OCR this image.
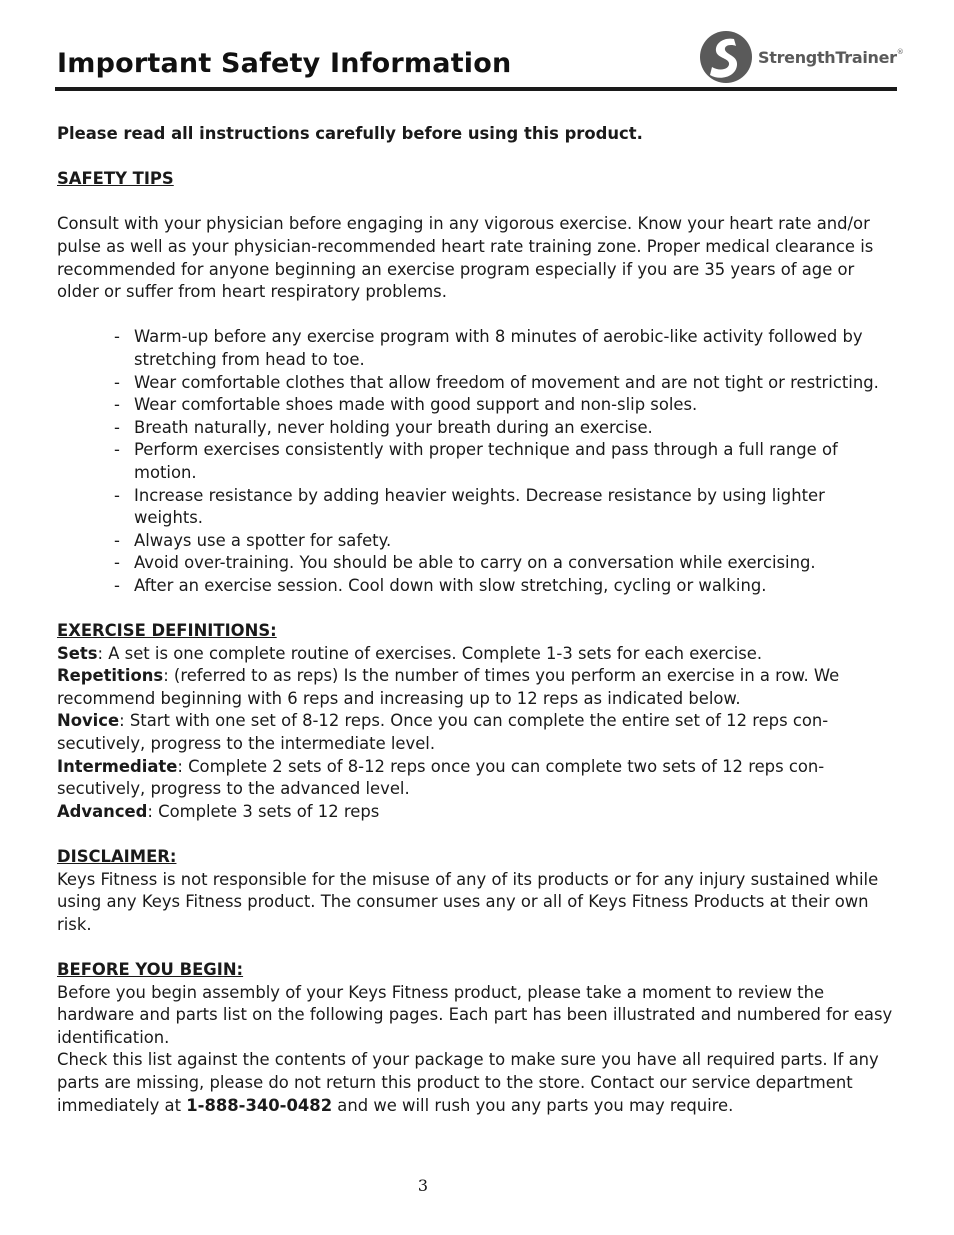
Important Safety Information	StrengthTrainer®

Please read all instructions carefully before using this product.

SAFETY TIPS

Consult with your physician before engaging in any vigorous exercise. Know your heart rate and/or pulse as well as your physician-recommended heart rate training zone. Proper medical clearance is recommended for anyone beginning an exercise program especially if you are 35 years of age or older or suffer from heart respiratory problems.

- Warm-up before any exercise program with 8 minutes of aerobic-like activity followed by stretching from head to toe.
- Wear comfortable clothes that allow freedom of movement and are not tight or restricting.
- Wear comfortable shoes made with good support and non-slip soles.
- Breath naturally, never holding your breath during an exercise.
- Perform exercises consistently with proper technique and pass through a full range of motion.
- Increase resistance by adding heavier weights. Decrease resistance by using lighter weights.
- Always use a spotter for safety.
- Avoid over-training. You should be able to carry on a conversation while exercising.
- After an exercise session. Cool down with slow stretching, cycling or walking.

EXERCISE DEFINITIONS:

Sets: A set is one complete routine of exercises. Complete 1-3 sets for each exercise.

Repetitions: (referred to as reps) Is the number of times you perform an exercise in a row. We recommend beginning with 6 reps and increasing up to 12 reps as indicated below.

Novice: Start with one set of 8-12 reps. Once you can complete the entire set of 12 reps con-secutively, progress to the intermediate level.

Intermediate: Complete 2 sets of 8-12 reps once you can complete two sets of 12 reps con-secutively, progress to the advanced level.

Advanced: Complete 3 sets of 12 reps

DISCLAIMER:

Keys Fitness is not responsible for the misuse of any of its products or for any injury sustained while using any Keys Fitness product. The consumer uses any or all of Keys Fitness Products at their own risk.

BEFORE YOU BEGIN:

Before you begin assembly of your Keys Fitness product, please take a moment to review the hardware and parts list on the following pages. Each part has been illustrated and numbered for easy identification.

Check this list against the contents of your package to make sure you have all required parts. If any parts are missing, please do not return this product to the store. Contact our service department immediately at 1-888-340-0482 and we will rush you any parts you may require.

3
